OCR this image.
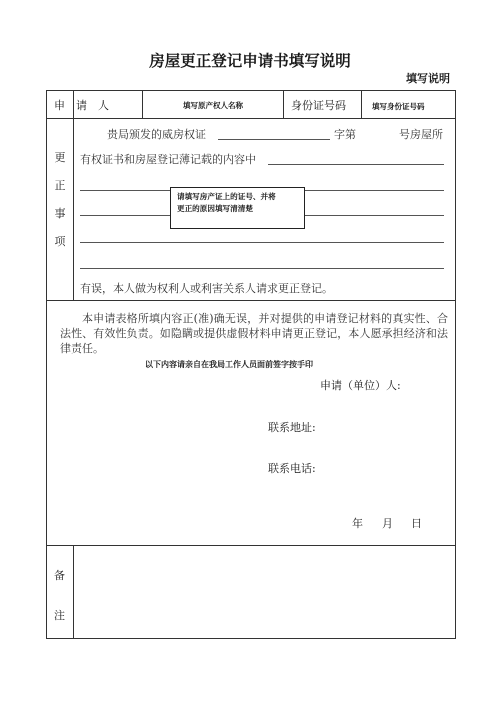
房屋更正登记申请书填写说明
填写说明
申　请　人	填写原产权人名称	身份证号码	填写身份证号码
更
正
事
项
贵局颁发的威房权证	字第	号房屋所
有权证书和房屋登记薄记载的内容中
请填写房产证上的证号、并将
更正的原因填写清清楚
有误，本人做为权利人或利害关系人请求更正登记。
本申请表格所填内容正(准)确无误，并对提供的申请登记材料的真实性、合法性、有效性负责。如隐瞒或提供虚假材料申请更正登记，本人愿承担经济和法律责任。
以下内容请亲自在我局工作人员面前签字按手印
申请（单位）人:
联系地址:
联系电话:
年 月 日
备
注
